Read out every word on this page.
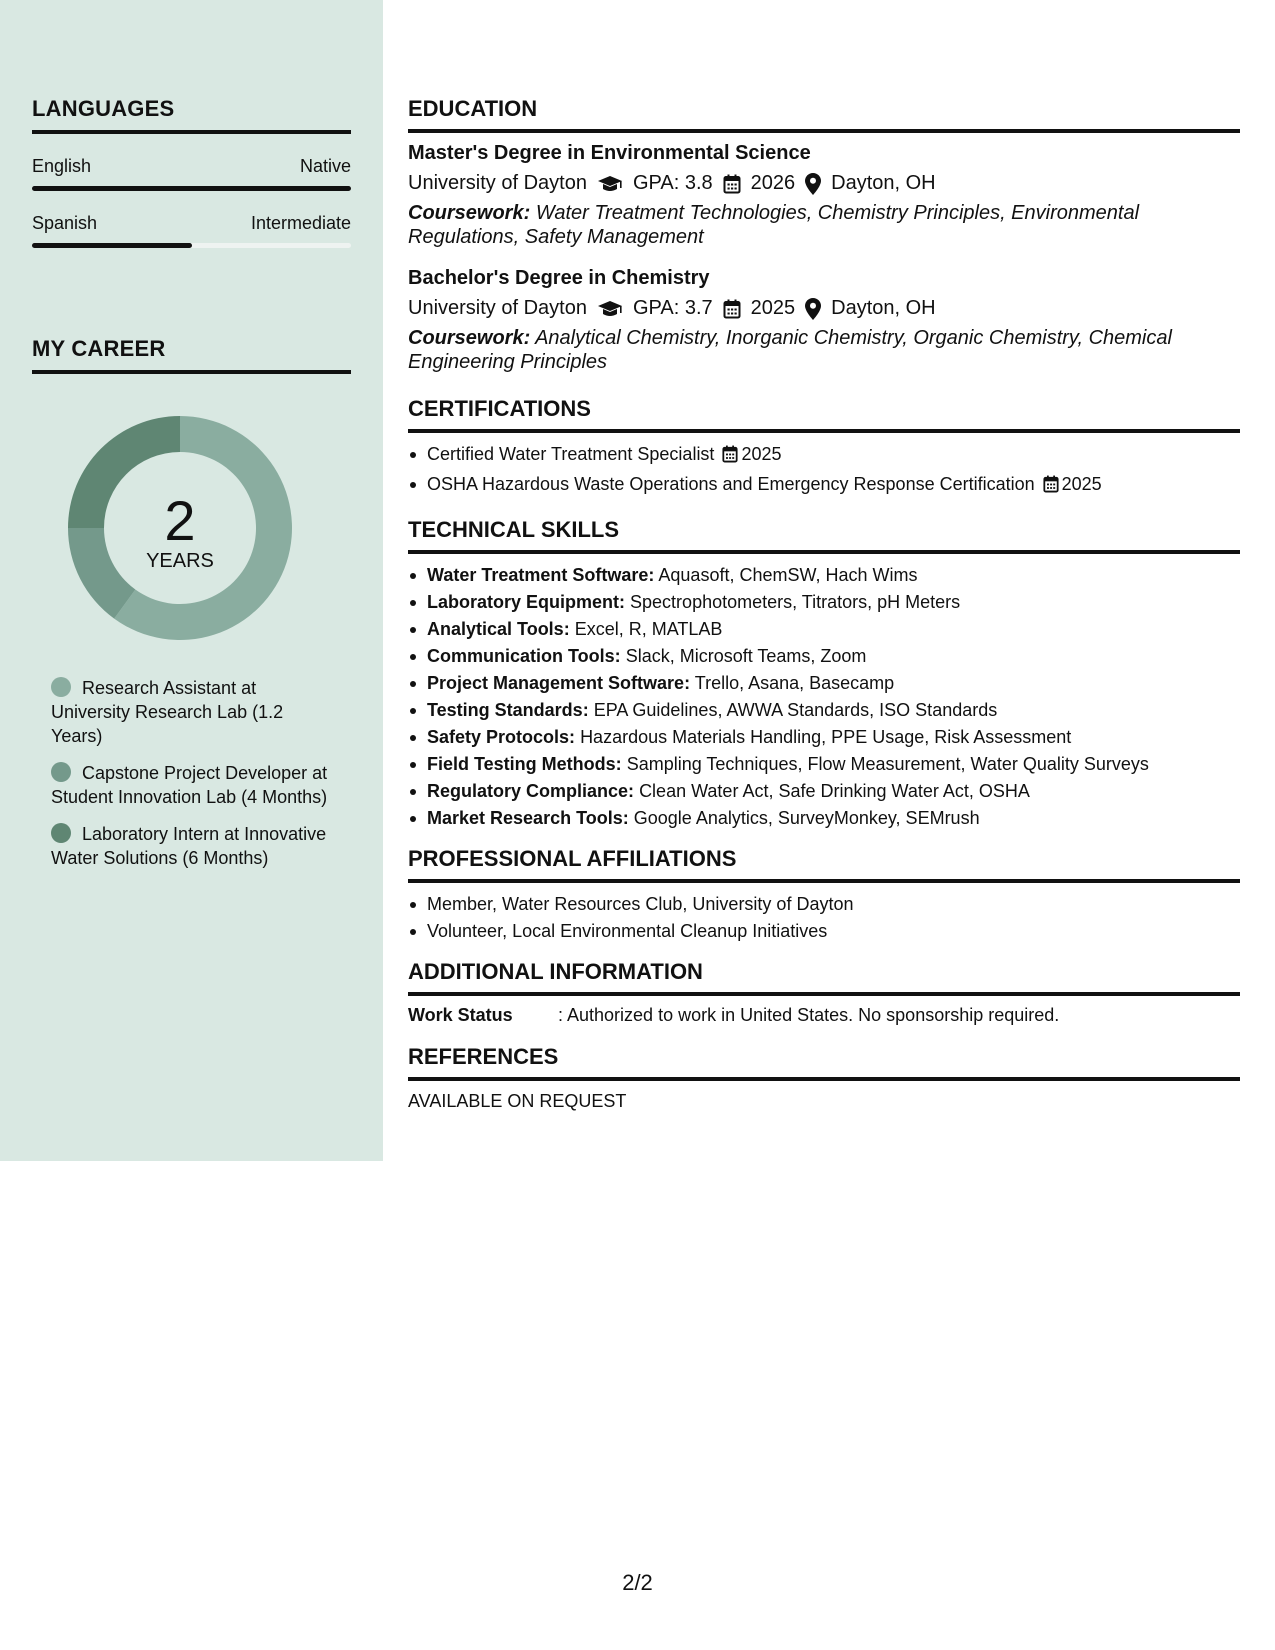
LANGUAGES
English	Native
Spanish	Intermediate
MY CAREER
2
YEARS
Research Assistant at University Research Lab (1.2 Years)
Capstone Project Developer at Student Innovation Lab (4 Months)
Laboratory Intern at Innovative Water Solutions (6 Months)
EDUCATION
Master's Degree in Environmental Science
University of Dayton GPA: 3.8 2026 Dayton, OH
Coursework: Water Treatment Technologies, Chemistry Principles, Environmental Regulations, Safety Management
Bachelor's Degree in Chemistry
University of Dayton GPA: 3.7 2025 Dayton, OH
Coursework: Analytical Chemistry, Inorganic Chemistry, Organic Chemistry, Chemical Engineering Principles
CERTIFICATIONS
Certified Water Treatment Specialist 2025
OSHA Hazardous Waste Operations and Emergency Response Certification 2025
TECHNICAL SKILLS
Water Treatment Software: Aquasoft, ChemSW, Hach Wims
Laboratory Equipment: Spectrophotometers, Titrators, pH Meters
Analytical Tools: Excel, R, MATLAB
Communication Tools: Slack, Microsoft Teams, Zoom
Project Management Software: Trello, Asana, Basecamp
Testing Standards: EPA Guidelines, AWWA Standards, ISO Standards
Safety Protocols: Hazardous Materials Handling, PPE Usage, Risk Assessment
Field Testing Methods: Sampling Techniques, Flow Measurement, Water Quality Surveys
Regulatory Compliance: Clean Water Act, Safe Drinking Water Act, OSHA
Market Research Tools: Google Analytics, SurveyMonkey, SEMrush
PROFESSIONAL AFFILIATIONS
Member, Water Resources Club, University of Dayton
Volunteer, Local Environmental Cleanup Initiatives
ADDITIONAL INFORMATION
Work Status	: Authorized to work in United States. No sponsorship required.
REFERENCES
AVAILABLE ON REQUEST
2/2
